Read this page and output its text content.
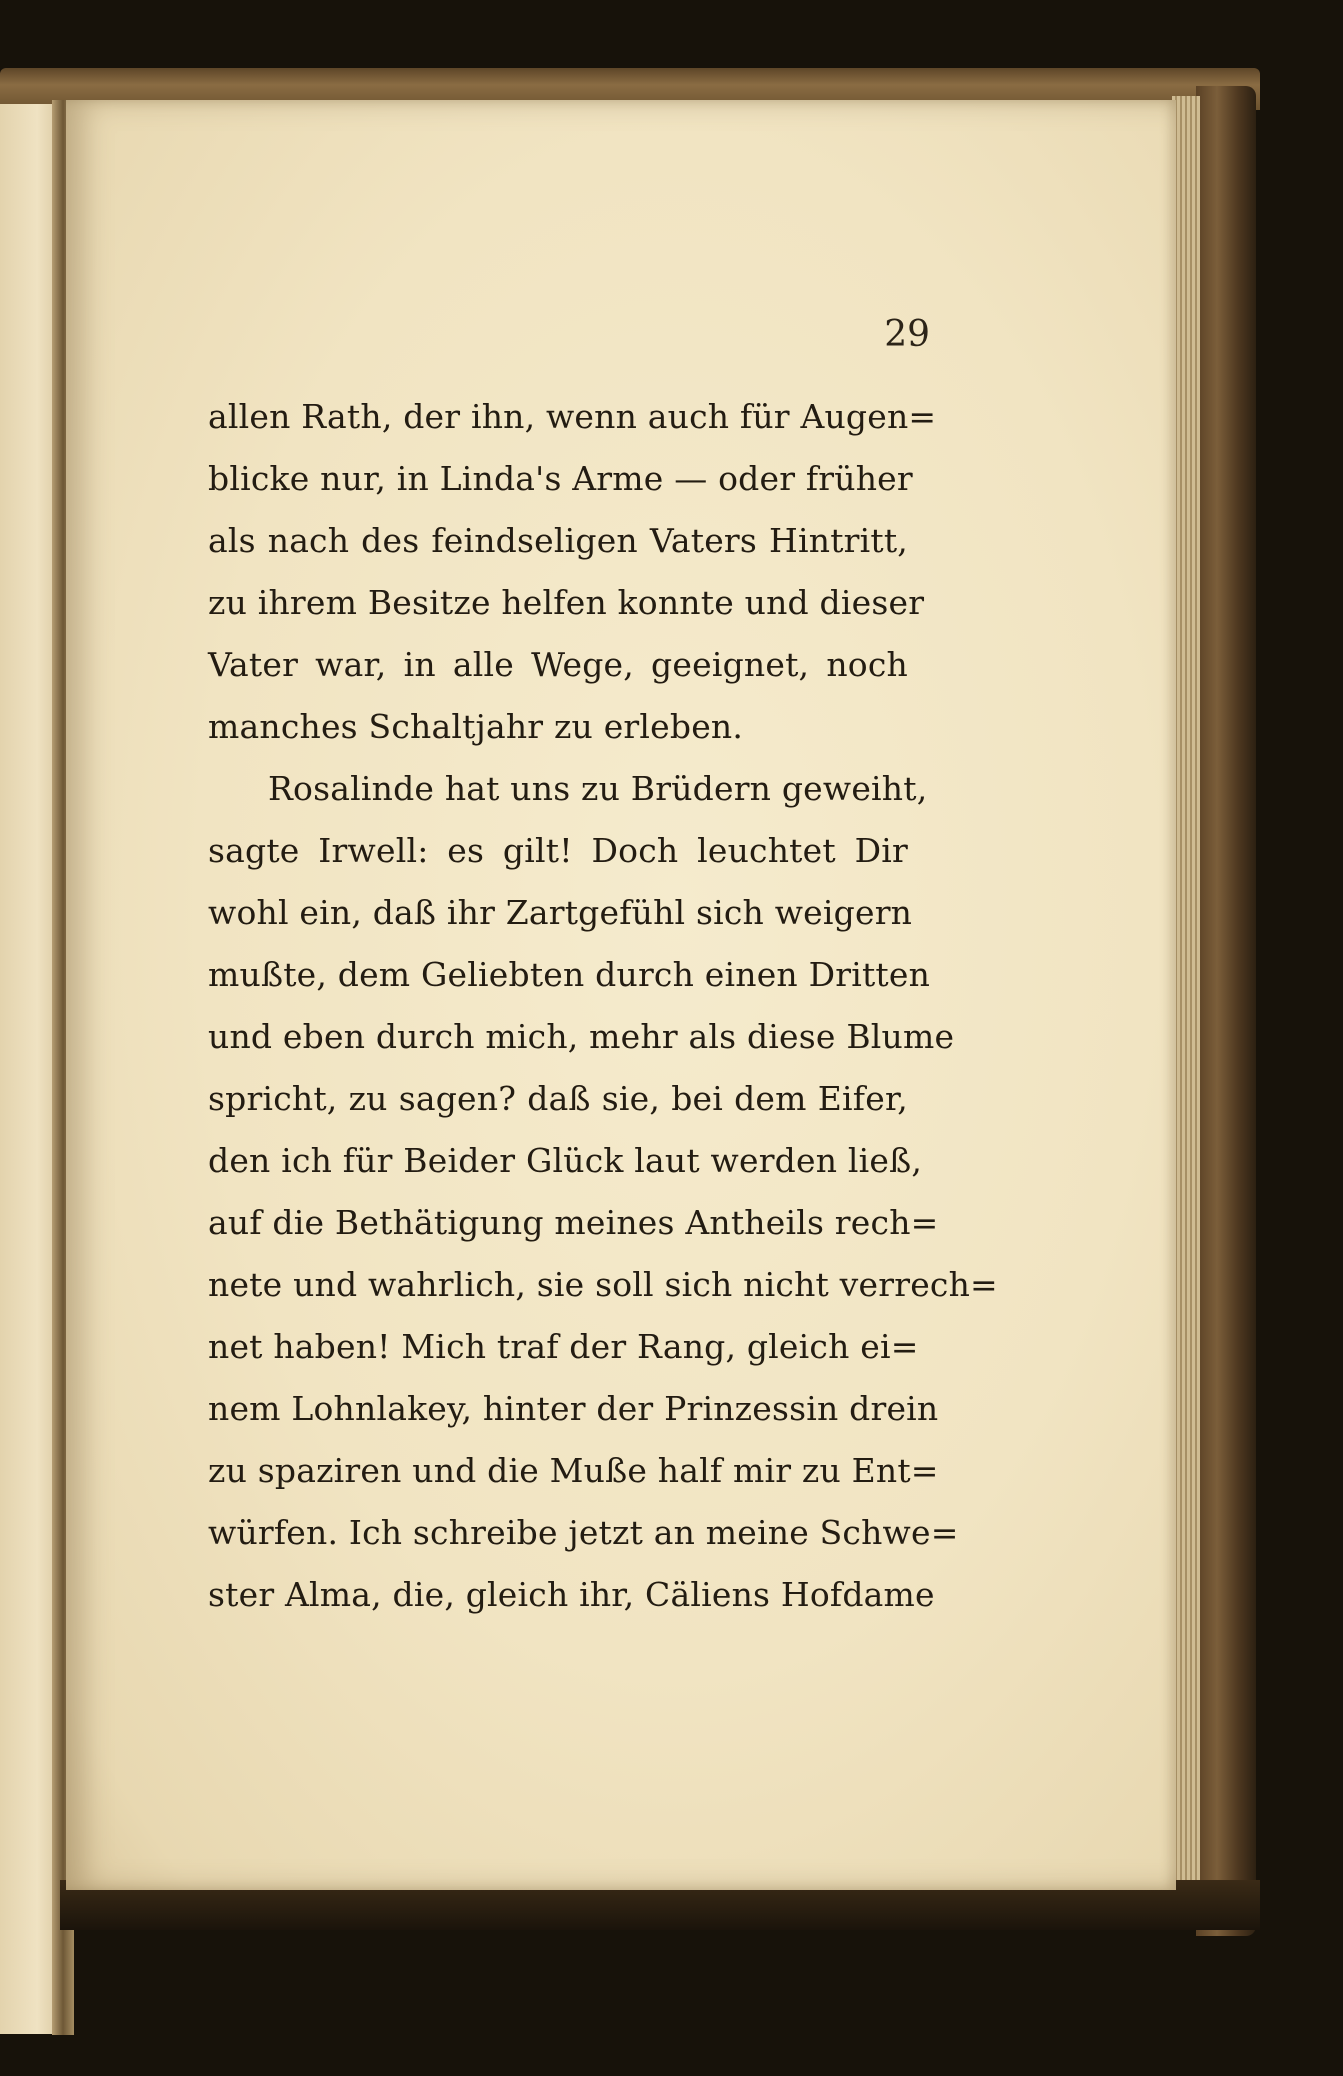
29

allen Rath, der ihn, wenn auch für Augen=
blicke nur, in Linda's Arme — oder früher
als nach des feindseligen Vaters Hintritt,
zu ihrem Besitze helfen konnte und dieser
Vater war, in alle Wege, geeignet, noch
manches Schaltjahr zu erleben.
Rosalinde hat uns zu Brüdern geweiht,
sagte Irwell: es gilt! Doch leuchtet Dir
wohl ein, daß ihr Zartgefühl sich weigern
mußte, dem Geliebten durch einen Dritten
und eben durch mich, mehr als diese Blume
spricht, zu sagen? daß sie, bei dem Eifer,
den ich für Beider Glück laut werden ließ,
auf die Bethätigung meines Antheils rech=
nete und wahrlich, sie soll sich nicht verrech=
net haben! Mich traf der Rang, gleich ei=
nem Lohnlakey, hinter der Prinzessin drein
zu spaziren und die Muße half mir zu Ent=
würfen. Ich schreibe jetzt an meine Schwe=
ster Alma, die, gleich ihr, Cäliens Hofdame
